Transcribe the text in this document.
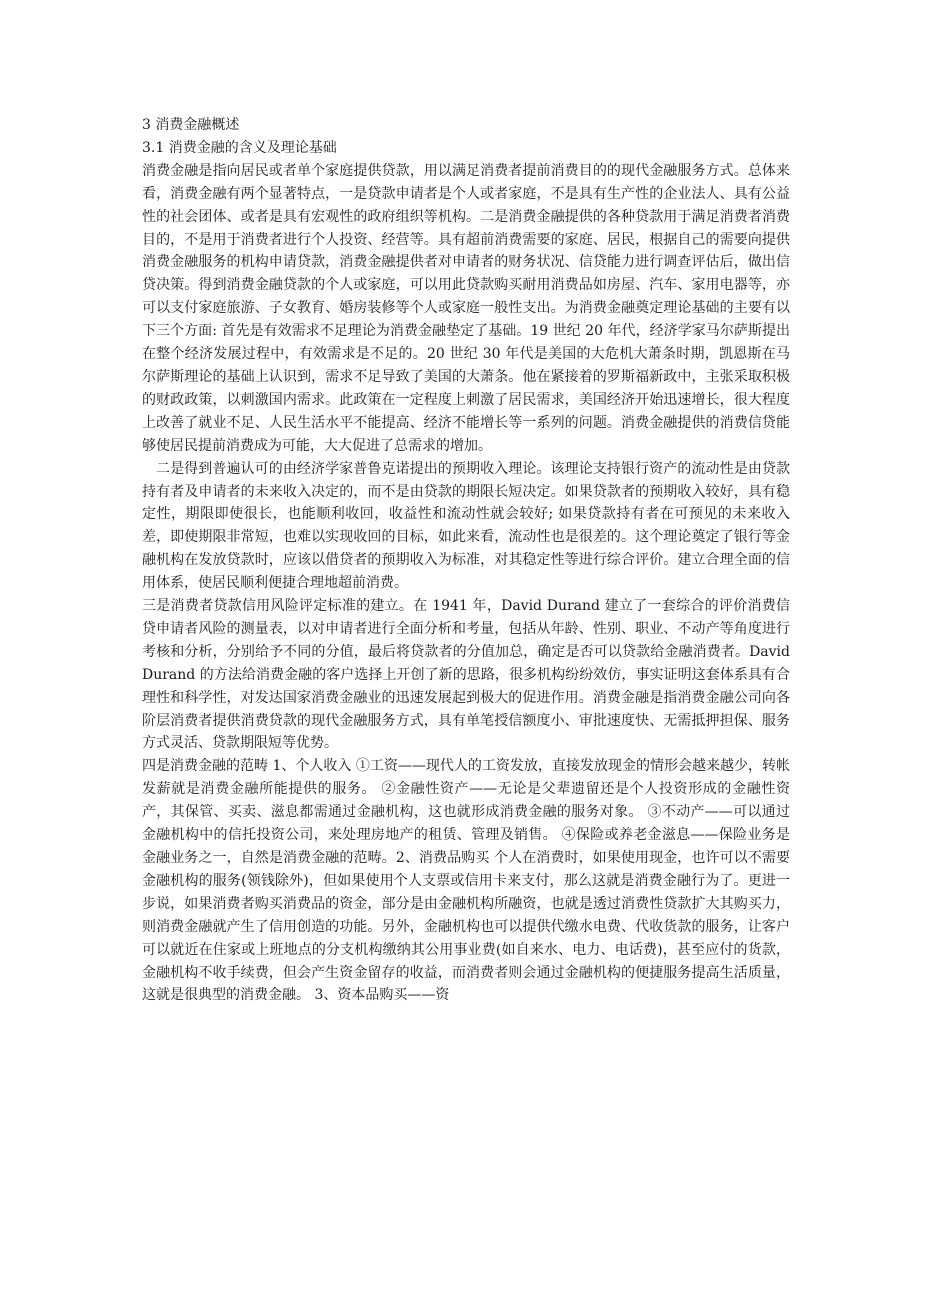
3 消费金融概述

3.1 消费金融的含义及理论基础

消费金融是指向居民或者单个家庭提供贷款，用以满足消费者提前消费目的的现代金融服务方式。总体来看，消费金融有两个显著特点，一是贷款申请者是个人或者家庭，不是具有生产性的企业法人、具有公益性的社会团体、或者是具有宏观性的政府组织等机构。二是消费金融提供的各种贷款用于满足消费者消费目的，不是用于消费者进行个人投资、经营等。具有超前消费需要的家庭、居民，根据自己的需要向提供消费金融服务的机构申请贷款，消费金融提供者对申请者的财务状况、信贷能力进行调查评估后，做出信贷决策。得到消费金融贷款的个人或家庭，可以用此贷款购买耐用消费品如房屋、汽车、家用电器等，亦可以支付家庭旅游、子女教育、婚房装修等个人或家庭一般性支出。为消费金融奠定理论基础的主要有以下三个方面: 首先是有效需求不足理论为消费金融垫定了基础。19 世纪 20 年代，经济学家马尔萨斯提出在整个经济发展过程中，有效需求是不足的。20 世纪 30 年代是美国的大危机大萧条时期，凯恩斯在马尔萨斯理论的基础上认识到，需求不足导致了美国的大萧条。他在紧接着的罗斯福新政中，主张采取积极的财政政策，以刺激国内需求。此政策在一定程度上刺激了居民需求，美国经济开始迅速增长，很大程度上改善了就业不足、人民生活水平不能提高、经济不能增长等一系列的问题。消费金融提供的消费信贷能够使居民提前消费成为可能，大大促进了总需求的增加。

二是得到普遍认可的由经济学家普鲁克诺提出的预期收入理论。该理论支持银行资产的流动性是由贷款持有者及申请者的未来收入决定的，而不是由贷款的期限长短决定。如果贷款者的预期收入较好，具有稳定性，期限即使很长，也能顺利收回，收益性和流动性就会较好; 如果贷款持有者在可预见的未来收入差，即使期限非常短，也难以实现收回的目标，如此来看，流动性也是很差的。这个理论奠定了银行等金融机构在发放贷款时，应该以借贷者的预期收入为标准，对其稳定性等进行综合评价。建立合理全面的信用体系，使居民顺利便捷合理地超前消费。

三是消费者贷款信用风险评定标准的建立。在 1941 年，David Durand 建立了一套综合的评价消费信贷申请者风险的测量表，以对申请者进行全面分析和考量，包括从年龄、性别、职业、不动产等角度进行考核和分析，分别给予不同的分值，最后将贷款者的分值加总，确定是否可以贷款给金融消费者。David Durand 的方法给消费金融的客户选择上开创了新的思路，很多机构纷纷效仿，事实证明这套体系具有合理性和科学性，对发达国家消费金融业的迅速发展起到极大的促进作用。消费金融是指消费金融公司向各阶层消费者提供消费贷款的现代金融服务方式，具有单笔授信额度小、审批速度快、无需抵押担保、服务方式灵活、贷款期限短等优势。

四是消费金融的范畴 1、个人收入 ①工资——现代人的工资发放，直接发放现金的情形会越来越少，转帐发薪就是消费金融所能提供的服务。 ②金融性资产——无论是父辈遗留还是个人投资形成的金融性资产，其保管、买卖、滋息都需通过金融机构，这也就形成消费金融的服务对象。 ③不动产——可以通过金融机构中的信托投资公司，来处理房地产的租赁、管理及销售。 ④保险或养老金滋息——保险业务是金融业务之一，自然是消费金融的范畴。2、消费品购买 个人在消费时，如果使用现金，也许可以不需要金融机构的服务(领钱除外)，但如果使用个人支票或信用卡来支付，那么这就是消费金融行为了。更进一步说，如果消费者购买消费品的资金，部分是由金融机构所融资，也就是透过消费性贷款扩大其购买力，则消费金融就产生了信用创造的功能。另外，金融机构也可以提供代缴水电费、代收货款的服务，让客户可以就近在住家或上班地点的分支机构缴纳其公用事业费(如自来水、电力、电话费)，甚至应付的货款，金融机构不收手续费，但会产生资金留存的收益，而消费者则会通过金融机构的便捷服务提高生活质量，这就是很典型的消费金融。 3、资本品购买——资
